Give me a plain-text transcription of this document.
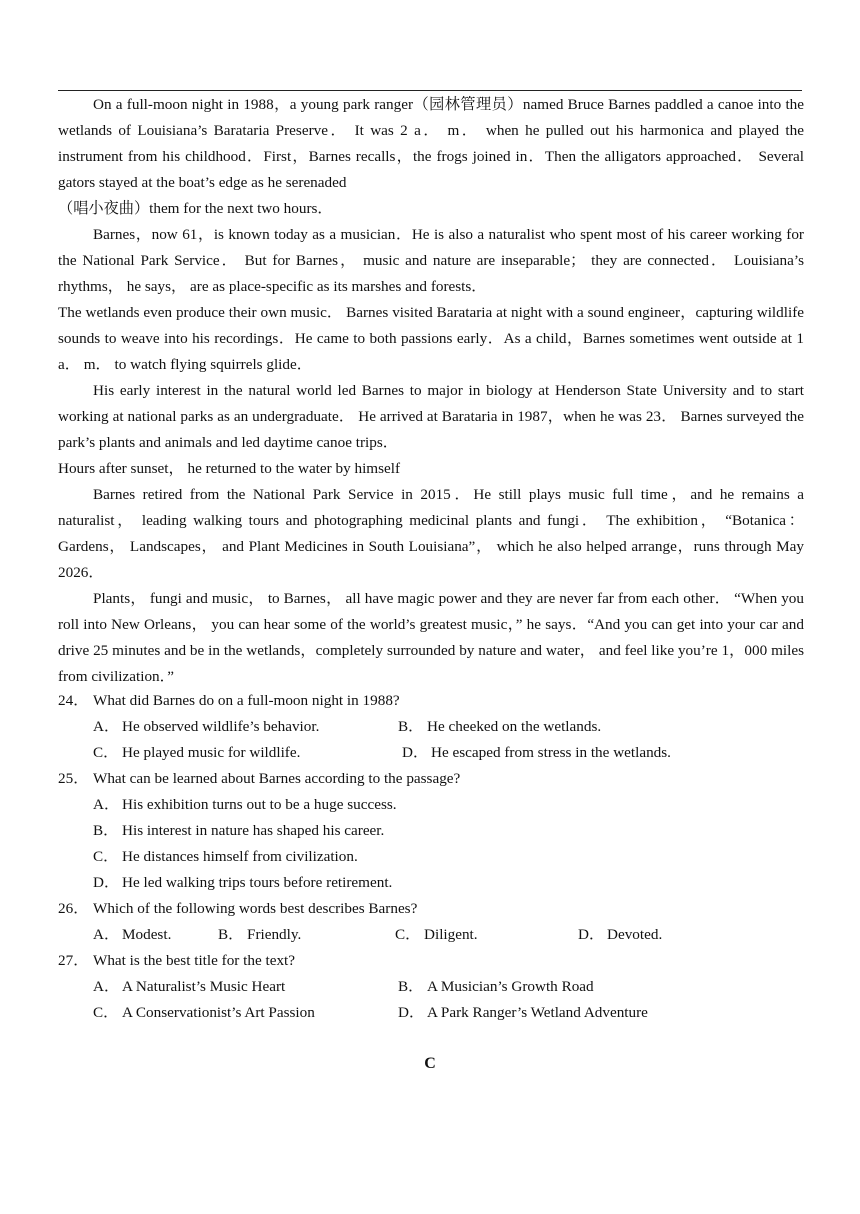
On a full-moon night in 1988，a young park ranger（园林管理员）named Bruce Barnes paddled a canoe into the wetlands of Louisiana’s Barataria Preserve． It was 2 a． m． when he pulled out his harmonica and played the instrument from his childhood．First，Barnes recalls，the frogs joined in．Then the alligators approached． Several gators stayed at the boat’s edge as he serenaded

（唱小夜曲）them for the next two hours．

Barnes，now 61，is known today as a musician．He is also a naturalist who spent most of his career working for the National Park Service． But for Barnes， music and nature are inseparable； they are connected． Louisiana’s rhythms， he says， are as place-specific as its marshes and forests．

The wetlands even produce their own music． Barnes visited Barataria at night with a sound engineer，capturing wildlife sounds to weave into his recordings．He came to both passions early．As a child，Barnes sometimes went outside at 1 a． m． to watch flying squirrels glide．

His early interest in the natural world led Barnes to major in biology at Henderson State University and to start working at national parks as an undergraduate． He arrived at Barataria in 1987，when he was 23． Barnes surveyed the park’s plants and animals and led daytime canoe trips．

Hours after sunset， he returned to the water by himself

Barnes retired from the National Park Service in 2015．He still plays music full time，and he remains a naturalist， leading walking tours and photographing medicinal plants and fungi． The exhibition， “Botanica： Gardens， Landscapes， and Plant Medicines in South Louisiana”， which he also helped arrange，runs through May 2026．

Plants， fungi and music， to Barnes， all have magic power and they are never far from each other． “When you roll into New Orleans， you can hear some of the world’s greatest music，” he says．“And you can get into your car and drive 25 minutes and be in the wetlands，completely surrounded by nature and water， and feel like you’re 1，000 miles from civilization．”

24． What did Barnes do on a full-moon night in 1988?
A． He observed wildlife’s behavior.	B． He cheeked on the wetlands.
C． He played music for wildlife.	D． He escaped from stress in the wetlands.
25． What can be learned about Barnes according to the passage?
A． His exhibition turns out to be a huge success.
B． His interest in nature has shaped his career.
C． He distances himself from civilization.
D． He led walking trips tours before retirement.
26． Which of the following words best describes Barnes?
A． Modest.	B． Friendly.	C． Diligent.	D． Devoted.
27． What is the best title for the text?
A． A Naturalist’s Music Heart	B． A Musician’s Growth Road
C． A Conservationist’s Art Passion	D． A Park Ranger’s Wetland Adventure
C
